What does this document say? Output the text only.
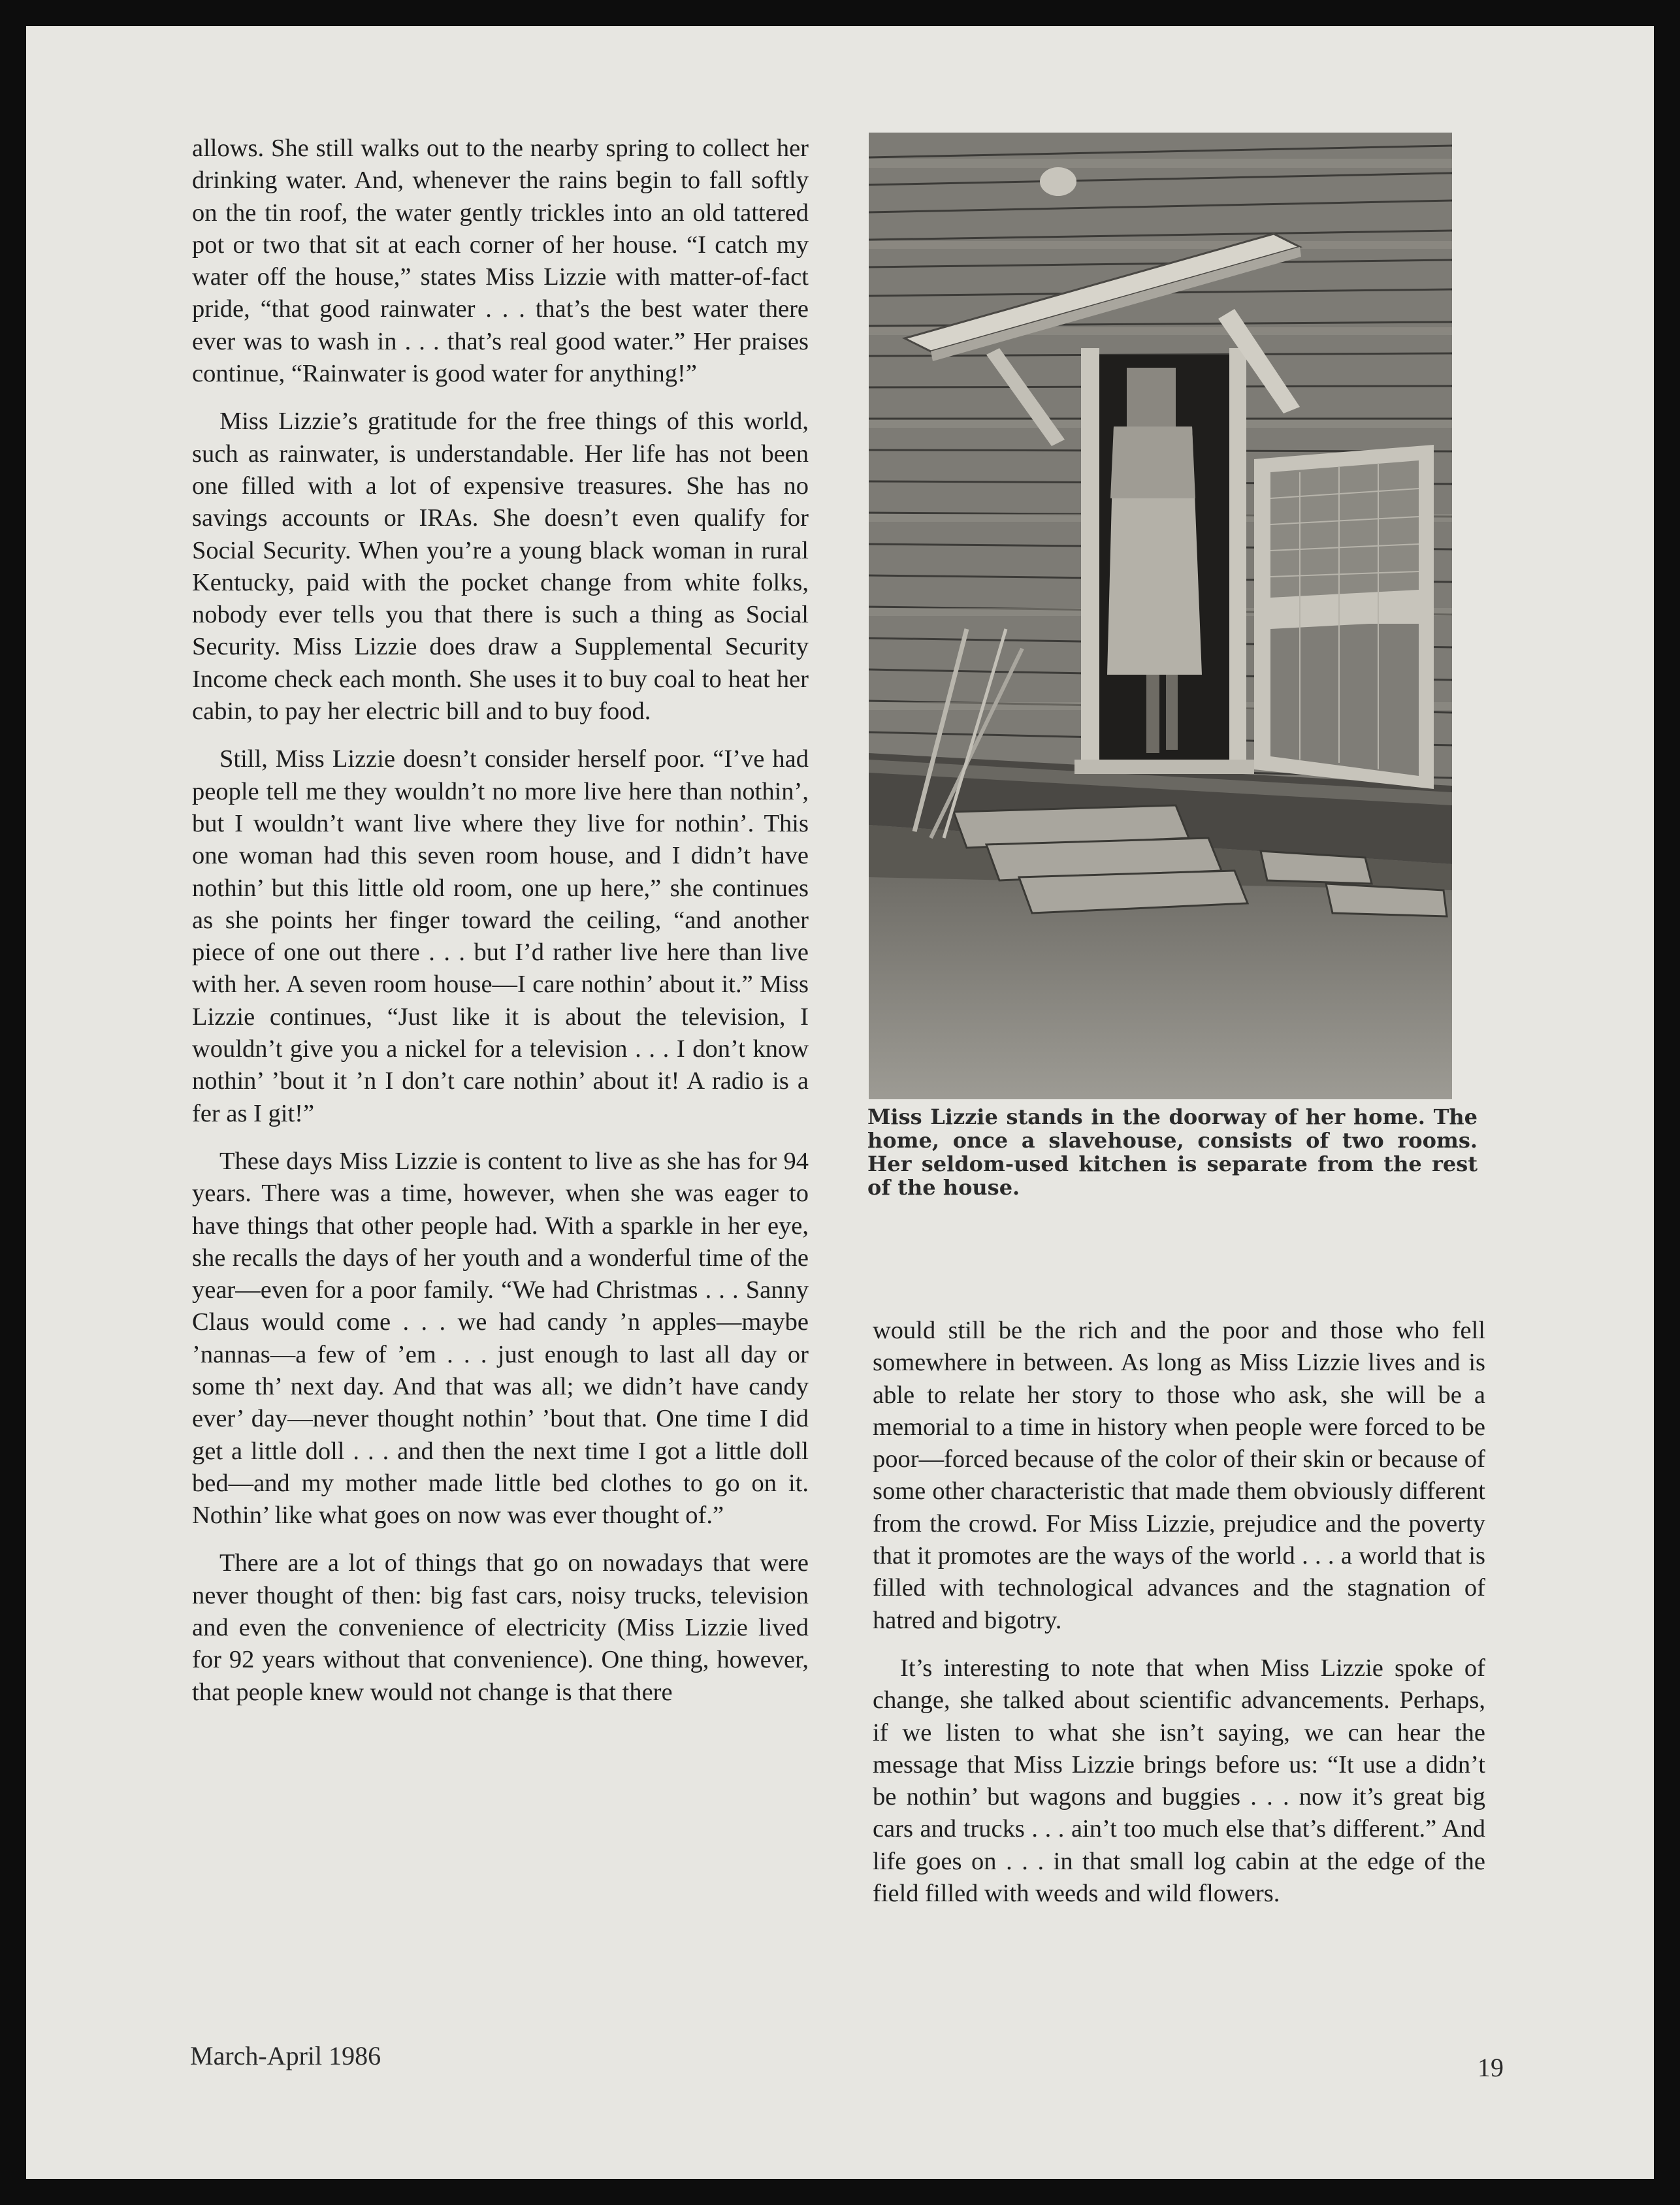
allows. She still walks out to the nearby spring to collect her drinking water. And, whenever the rains begin to fall softly on the tin roof, the water gently trickles into an old tattered pot or two that sit at each corner of her house. “I catch my water off the house,” states Miss Lizzie with matter-of-fact pride, “that good rainwater . . . that’s the best water there ever was to wash in . . . that’s real good water.” Her praises continue, “Rainwater is good water for anything!”

Miss Lizzie’s gratitude for the free things of this world, such as rainwater, is understandable. Her life has not been one filled with a lot of expensive treasures. She has no savings accounts or IRAs. She doesn’t even qualify for Social Security. When you’re a young black woman in rural Kentucky, paid with the pocket change from white folks, nobody ever tells you that there is such a thing as Social Security. Miss Lizzie does draw a Supplemental Security Income check each month. She uses it to buy coal to heat her cabin, to pay her electric bill and to buy food.

Still, Miss Lizzie doesn’t consider herself poor. “I’ve had people tell me they wouldn’t no more live here than nothin’, but I wouldn’t want live where they live for nothin’. This one woman had this seven room house, and I didn’t have nothin’ but this little old room, one up here,” she continues as she points her finger toward the ceiling, “and another piece of one out there . . . but I’d rather live here than live with her. A seven room house—I care nothin’ about it.” Miss Lizzie continues, “Just like it is about the television, I wouldn’t give you a nickel for a television . . . I don’t know nothin’ ’bout it ’n I don’t care nothin’ about it! A radio is a fer as I git!”

These days Miss Lizzie is content to live as she has for 94 years. There was a time, however, when she was eager to have things that other people had. With a sparkle in her eye, she recalls the days of her youth and a wonderful time of the year—even for a poor family. “We had Christmas . . . Sanny Claus would come . . . we had candy ’n apples—maybe ’nannas—a few of ’em . . . just enough to last all day or some th’ next day. And that was all; we didn’t have candy ever’ day—never thought nothin’ ’bout that. One time I did get a little doll . . . and then the next time I got a little doll bed—and my mother made little bed clothes to go on it. Nothin’ like what goes on now was ever thought of.”

There are a lot of things that go on nowadays that were never thought of then: big fast cars, noisy trucks, television and even the convenience of electricity (Miss Lizzie lived for 92 years without that convenience). One thing, however, that people knew would not change is that there

Miss Lizzie stands in the doorway of her home. The home, once a slavehouse, consists of two rooms. Her seldom-used kitchen is separate from the rest of the house.

would still be the rich and the poor and those who fell somewhere in between. As long as Miss Lizzie lives and is able to relate her story to those who ask, she will be a memorial to a time in history when people were forced to be poor—forced because of the color of their skin or because of some other characteristic that made them obviously different from the crowd. For Miss Lizzie, prejudice and the poverty that it promotes are the ways of the world . . . a world that is filled with technological advances and the stagnation of hatred and bigotry.

It’s interesting to note that when Miss Lizzie spoke of change, she talked about scientific advancements. Perhaps, if we listen to what she isn’t saying, we can hear the message that Miss Lizzie brings before us: “It use a didn’t be nothin’ but wagons and buggies . . . now it’s great big cars and trucks . . . ain’t too much else that’s different.” And life goes on . . . in that small log cabin at the edge of the field filled with weeds and wild flowers.

March-April 1986	19
